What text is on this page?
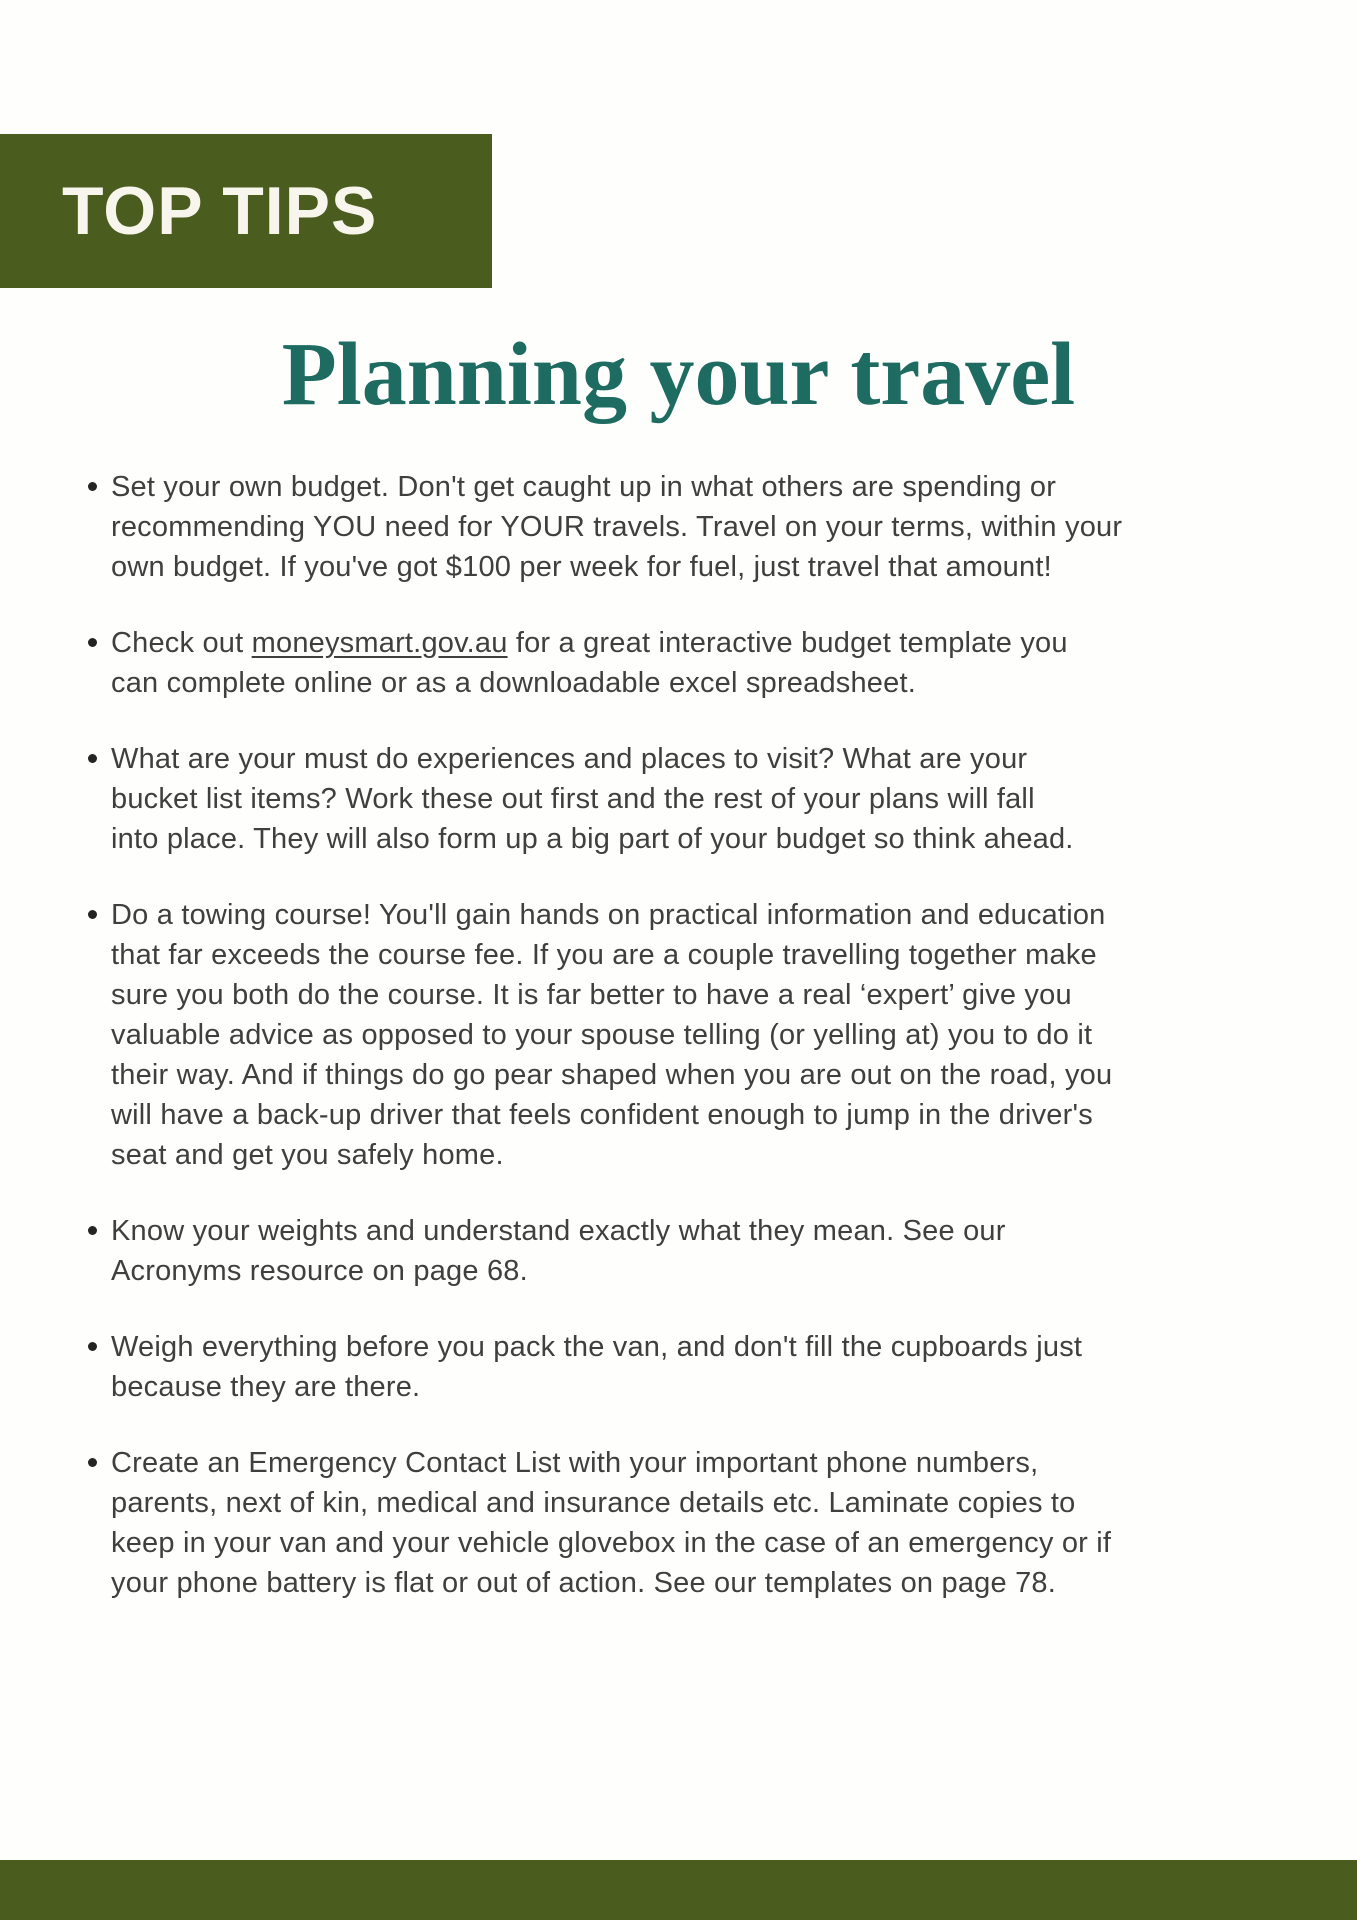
TOP TIPS
Planning your travel
Set your own budget. Don't get caught up in what others are spending or
recommending YOU need for YOUR travels. Travel on your terms, within your
own budget. If you've got $100 per week for fuel, just travel that amount!
Check out moneysmart.gov.au for a great interactive budget template you
can complete online or as a downloadable excel spreadsheet.
What are your must do experiences and places to visit? What are your
bucket list items? Work these out first and the rest of your plans will fall
into place. They will also form up a big part of your budget so think ahead.
Do a towing course! You'll gain hands on practical information and education
that far exceeds the course fee. If you are a couple travelling together make
sure you both do the course. It is far better to have a real ‘expert’ give you
valuable advice as opposed to your spouse telling (or yelling at) you to do it
their way. And if things do go pear shaped when you are out on the road, you
will have a back-up driver that feels confident enough to jump in the driver's
seat and get you safely home.
Know your weights and understand exactly what they mean. See our
Acronyms resource on page 68.
Weigh everything before you pack the van, and don't fill the cupboards just
because they are there.
Create an Emergency Contact List with your important phone numbers,
parents, next of kin, medical and insurance details etc. Laminate copies to
keep in your van and your vehicle glovebox in the case of an emergency or if
your phone battery is flat or out of action. See our templates on page 78.
